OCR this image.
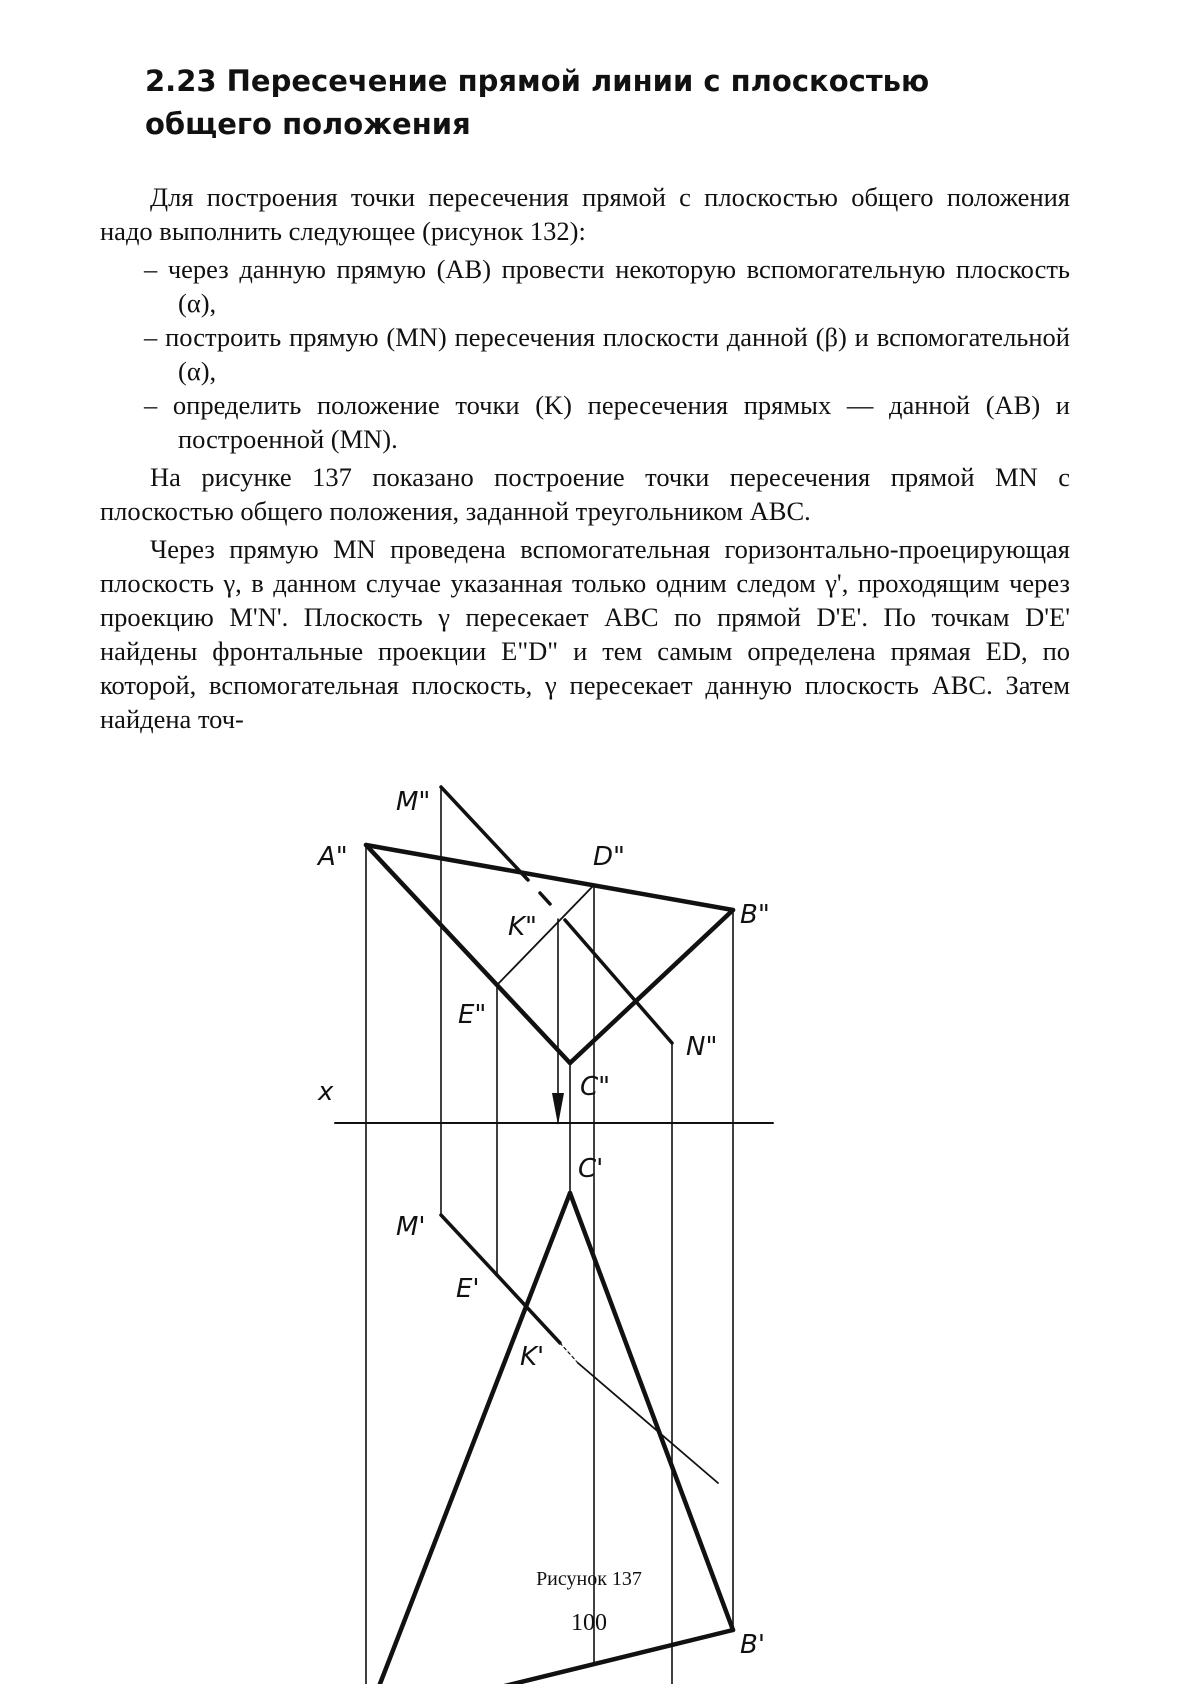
2.23 Пересечение прямой линии с плоскостью общего положения

Для построения точки пересечения прямой с плоскостью общего положения надо выполнить следующее (рисунок 132):

– через данную прямую (AB) провести некоторую вспомогательную плоскость (α),
– построить прямую (MN) пересечения плоскости данной (β) и вспомогательной (α),
– определить положение точки (K) пересечения прямых — данной (AB) и построенной (MN).

На рисунке 137 показано построение точки пересечения прямой MN с плоскостью общего положения, заданной треугольником ABC.

Через прямую MN проведена вспомогательная горизонтально-проецирующая плоскость γ, в данном случае указанная только одним следом γ', проходящим через проекцию M'N'. Плоскость γ пересекает ABC по прямой D'E'. По точкам D'E' найдены фронтальные проекции E"D" и тем самым определена прямая ED, по которой, вспомогательная плоскость, γ пересекает данную плоскость ABC. Затем найдена точ-

M"
A"	D"
B"
K"
E"
N"
C"
x
C'
M'
E'
K'
B'
Рисунок 137
100
